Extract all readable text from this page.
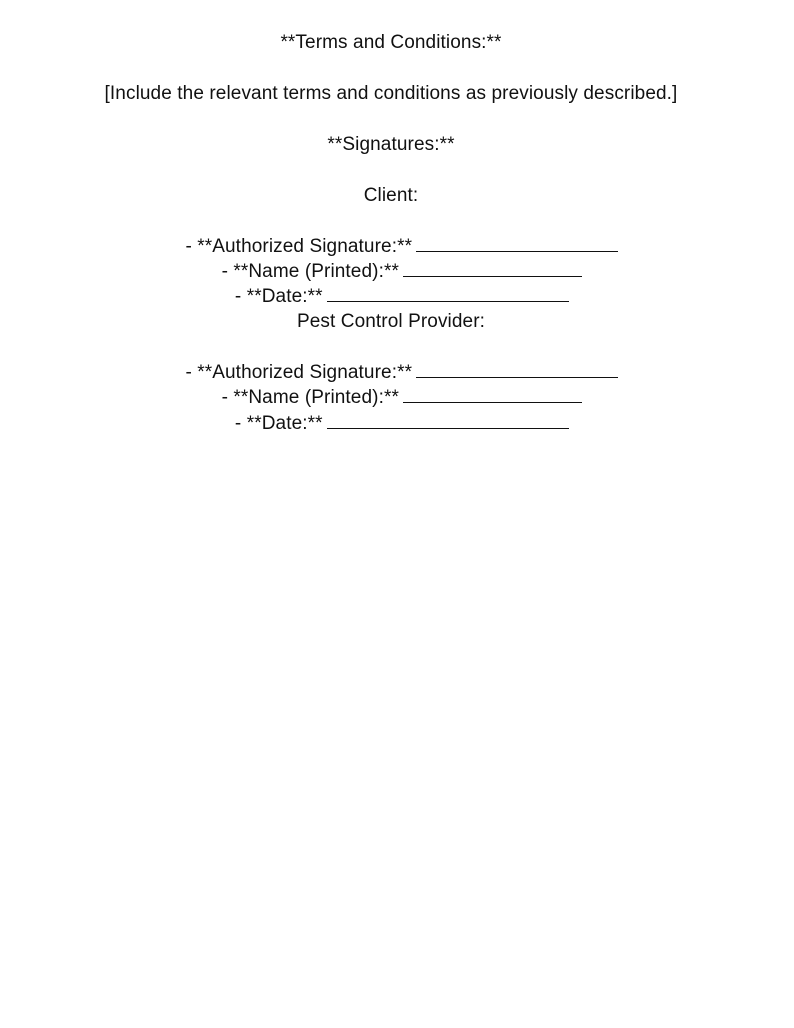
**Terms and Conditions:**
[Include the relevant terms and conditions as previously described.]
**Signatures:**
Client:

- **Authorized Signature:**

- **Name (Printed):**

- **Date:**

Pest Control Provider:

- **Authorized Signature:**

- **Name (Printed):**

- **Date:**
